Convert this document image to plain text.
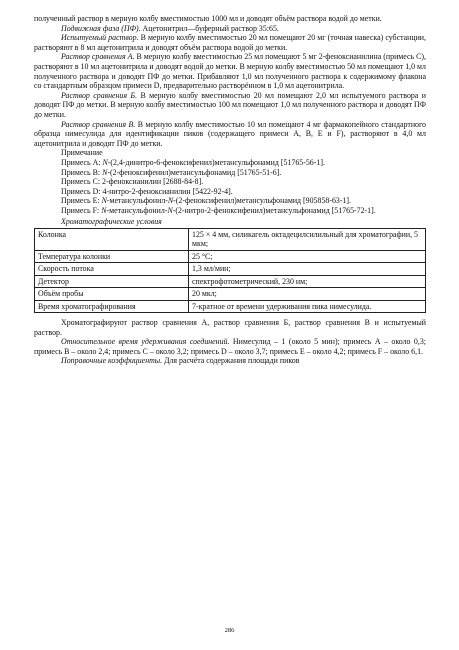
полученный раствор в мерную колбу вместимостью 1000 мл и доводят объём раствора водой до метки.

Подвижная фаза (ПФ). Ацетонитрил—буферный раствор 35:65.

Испытуемый раствор. В мерную колбу вместимостью 20 мл помещают 20 мг (точная навеска) субстанции, растворяют в 8 мл ацетонитрила и доводят объём раствора водой до метки.

Раствор сравнения А. В мерную колбу вместимостью 25 мл помещают 5 мг 2-феноксианилина (примесь С), растворяют в 10 мл ацетонитрила и доводят водой до метки. В мерную колбу вместимостью 50 мл помещают 1,0 мл полученного раствора и доводят ПФ до метки. Прибавляют 1,0 мл полученного раствора к содержимому флакона со стандартным образцом примеси D, предварительно растворённом в 1,0 мл ацетонитрила.

Раствор сравнения Б. В мерную колбу вместимостью 20 мл помещают 2,0 мл испытуемого раствора и доводят ПФ до метки. В мерную колбу вместимостью 100 мл помещают 1,0 мл полученного раствора и доводят ПФ до метки.

Раствор сравнения В. В мерную колбу вместимостью 10 мл помещают 4 мг фармакопейного стандартного образца нимесулида для идентификации пиков (содержащего примеси A, B, E и F), растворяют в 4,0 мл ацетонитрила и доводят ПФ до метки.

Примечание

Примесь А: N-(2,4-динитро-6-феноксифенил)метансульфонамид [51765-56-1].

Примесь B: N-(2-феноксифенил)метансульфонамид [51765-51-6].

Примесь C: 2-феноксианилин [2688-84-8].

Примесь D: 4-нитро-2-феноксианилин [5422-92-4].

Примесь E: N-метансульфонил-N-(2-феноксифенил)метансульфонамид [905858-63-1].

Примесь F: N-метансульфонил-N-(2-нитро-2-феноксифенил)метансульфонамид [51765-72-1].

Хроматографические условия

Колонка	125 × 4 мм, силикагель октадецилсилильный для хроматографии, 5 мкм;
Температура колонки	25 °С;
Скорость потока	1,3 мл/мин;
Детектор	спектрофотометрический, 230 нм;
Объём пробы	20 мкл;
Время хроматографирования	7-кратное от времени удерживания пика нимесулида.

Хроматографируют раствор сравнения А, раствор сравнения Б, раствор сравнения В и испытуемый раствор.

Относительное время удерживания соединений. Нимесулид – 1 (около 5 мин); примесь А – около 0,3; примесь B – около 2,4; примесь C – около 3,2; примесь D – около 3,7; примесь E – около 4,2; примесь F – около 6,1.

Поправочные коэффициенты. Для расчёта содержания площади пиков

286
